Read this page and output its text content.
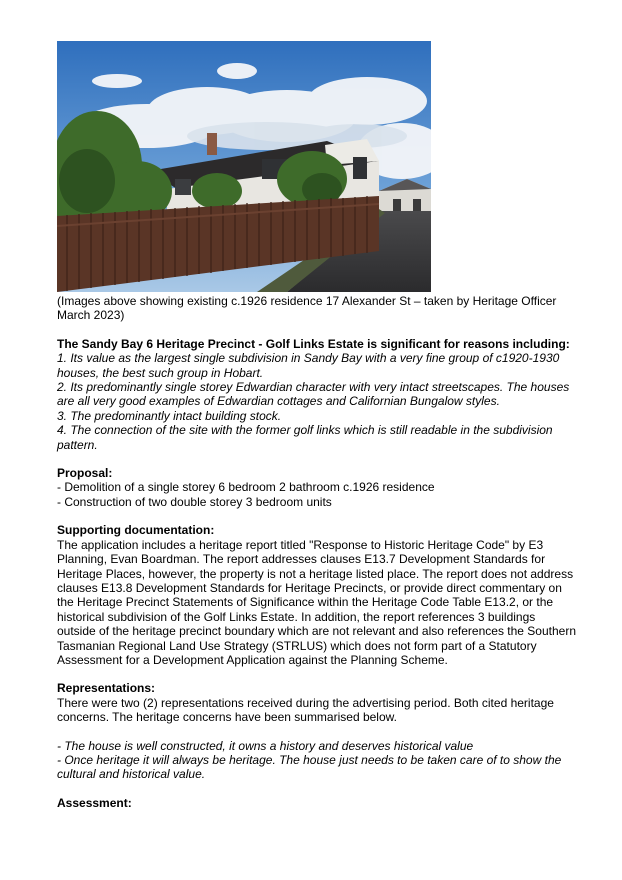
(Images above showing existing c.1926 residence 17 Alexander St – taken by Heritage Officer March 2023)

The Sandy Bay 6 Heritage Precinct - Golf Links Estate is significant for reasons including:

1. Its value as the largest single subdivision in Sandy Bay with a very fine group of c1920-1930 houses, the best such group in Hobart.

2. Its predominantly single storey Edwardian character with very intact streetscapes. The houses are all very good examples of Edwardian cottages and Californian Bungalow styles.

3. The predominantly intact building stock.

4. The connection of the site with the former golf links which is still readable in the subdivision pattern.

Proposal:

- Demolition of a single storey 6 bedroom 2 bathroom c.1926 residence

- Construction of two double storey 3 bedroom units

Supporting documentation:

The application includes a heritage report titled "Response to Historic Heritage Code" by E3 Planning, Evan Boardman. The report addresses clauses E13.7 Development Standards for Heritage Places, however, the property is not a heritage listed place. The report does not address clauses E13.8 Development Standards for Heritage Precincts, or provide direct commentary on the Heritage Precinct Statements of Significance within the Heritage Code Table E13.2, or the historical subdivision of the Golf Links Estate. In addition, the report references 3 buildings outside of the heritage precinct boundary which are not relevant and also references the Southern Tasmanian Regional Land Use Strategy (STRLUS) which does not form part of a Statutory Assessment for a Development Application against the Planning Scheme.

Representations:

There were two (2) representations received during the advertising period. Both cited heritage concerns. The heritage concerns have been summarised below.

- The house is well constructed, it owns a history and deserves historical value

- Once heritage it will always be heritage. The house just needs to be taken care of to show the cultural and historical value.

Assessment:
